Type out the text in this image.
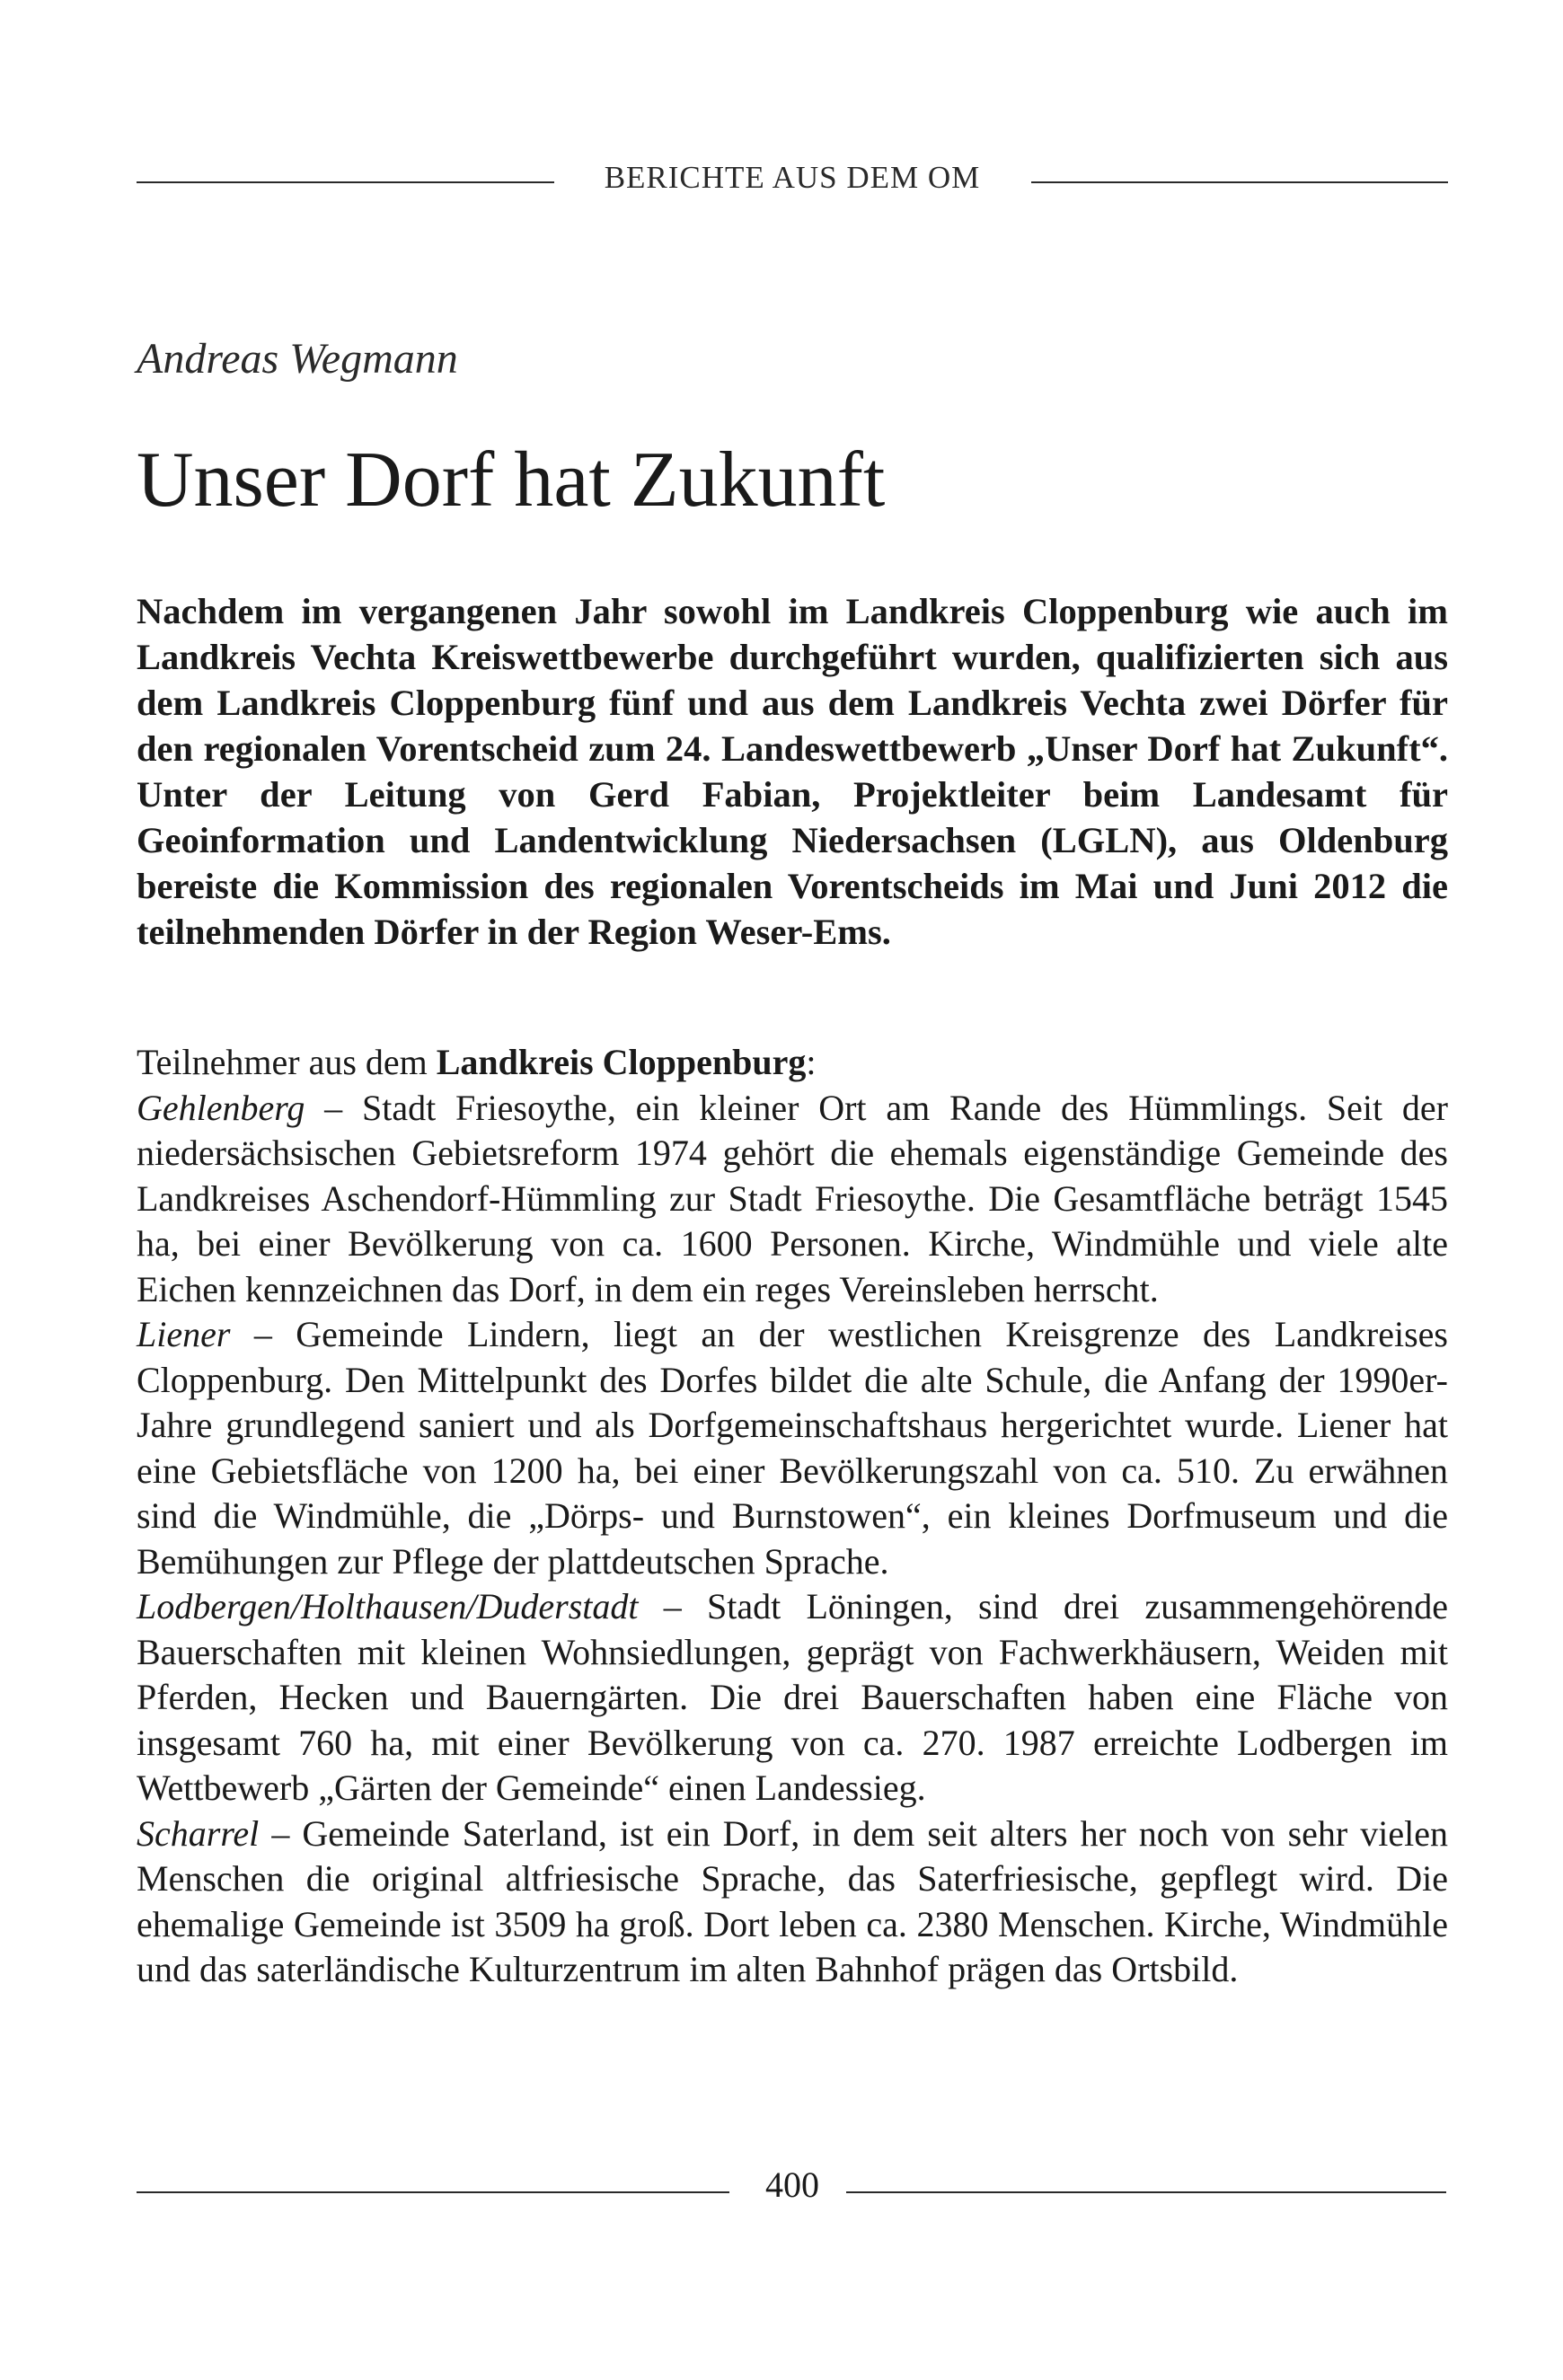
BERICHTE AUS DEM OM
Andreas Wegmann
Unser Dorf hat Zukunft

Nachdem im vergangenen Jahr sowohl im Landkreis Cloppenburg wie auch im Landkreis Vechta Kreiswettbewerbe durchgeführt wurden, qualifizierten sich aus dem Landkreis Cloppenburg fünf und aus dem Landkreis Vechta zwei Dörfer für den regionalen Vorentscheid zum 24. Landeswettbewerb „Unser Dorf hat Zukunft“. Unter der Leitung von Gerd Fabian, Projektleiter beim Landesamt für Geoinformation und Landentwicklung Niedersachsen (LGLN), aus Oldenburg bereiste die Kommission des regionalen Vorentscheids im Mai und Juni 2012 die teilnehmenden Dörfer in der Region Weser-Ems.

Teilnehmer aus dem Landkreis Cloppenburg:

Gehlenberg – Stadt Friesoythe, ein kleiner Ort am Rande des Hümmlings. Seit der niedersächsischen Gebietsreform 1974 gehört die ehemals eigenständige Gemeinde des Landkreises Aschendorf-Hümmling zur Stadt Friesoythe. Die Gesamtfläche beträgt 1545 ha, bei einer Bevölkerung von ca. 1600 Personen. Kirche, Windmühle und viele alte Eichen kennzeichnen das Dorf, in dem ein reges Vereinsleben herrscht.

Liener – Gemeinde Lindern, liegt an der westlichen Kreisgrenze des Landkreises Cloppenburg. Den Mittelpunkt des Dorfes bildet die alte Schule, die Anfang der 1990er-Jahre grundlegend saniert und als Dorfgemeinschaftshaus hergerichtet wurde. Liener hat eine Gebietsfläche von 1200 ha, bei einer Bevölkerungszahl von ca. 510. Zu erwähnen sind die Windmühle, die „Dörps- und Burnstowen“, ein kleines Dorfmuseum und die Bemühungen zur Pflege der plattdeutschen Sprache.

Lodbergen/Holthausen/Duderstadt – Stadt Löningen, sind drei zusammengehörende Bauerschaften mit kleinen Wohnsiedlungen, geprägt von Fachwerkhäusern, Weiden mit Pferden, Hecken und Bauerngärten. Die drei Bauerschaften haben eine Fläche von insgesamt 760 ha, mit einer Bevölkerung von ca. 270. 1987 erreichte Lodbergen im Wettbewerb „Gärten der Gemeinde“ einen Landessieg.

Scharrel – Gemeinde Saterland, ist ein Dorf, in dem seit alters her noch von sehr vielen Menschen die original altfriesische Sprache, das Saterfriesische, gepflegt wird. Die ehemalige Gemeinde ist 3509 ha groß. Dort leben ca. 2380 Menschen. Kirche, Windmühle und das saterländische Kulturzentrum im alten Bahnhof prägen das Ortsbild.

400
